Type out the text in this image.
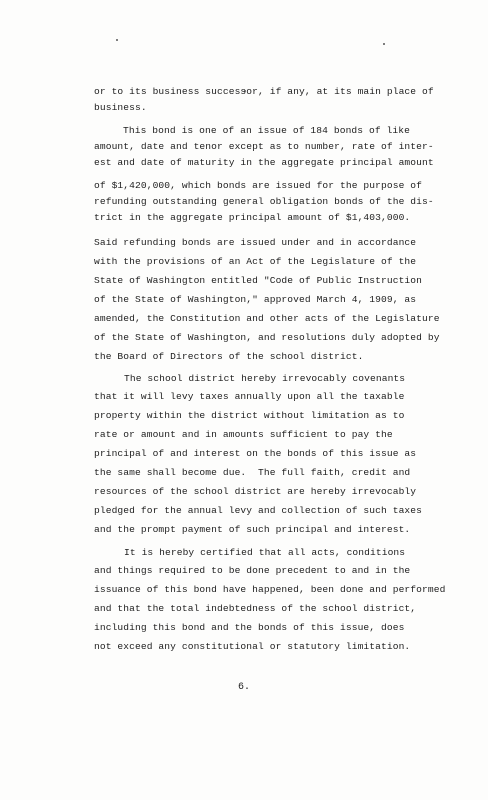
or to its business successor, if any, at its main place of
business.
This bond is one of an issue of 184 bonds of like
amount, date and tenor except as to number, rate of inter-
est and date of maturity in the aggregate principal amount
of $1,420,000, which bonds are issued for the purpose of
refunding outstanding general obligation bonds of the dis-
trict in the aggregate principal amount of $1,403,000.
Said refunding bonds are issued under and in accordance
with the provisions of an Act of the Legislature of the
State of Washington entitled "Code of Public Instruction
of the State of Washington," approved March 4, 1909, as
amended, the Constitution and other acts of the Legislature
of the State of Washington, and resolutions duly adopted by
the Board of Directors of the school district.
The school district hereby irrevocably covenants
that it will levy taxes annually upon all the taxable
property within the district without limitation as to
rate or amount and in amounts sufficient to pay the
principal of and interest on the bonds of this issue as
the same shall become due.  The full faith, credit and
resources of the school district are hereby irrevocably
pledged for the annual levy and collection of such taxes
and the prompt payment of such principal and interest.
It is hereby certified that all acts, conditions
and things required to be done precedent to and in the
issuance of this bond have happened, been done and performed
and that the total indebtedness of the school district,
including this bond and the bonds of this issue, does
not exceed any constitutional or statutory limitation.
6.
